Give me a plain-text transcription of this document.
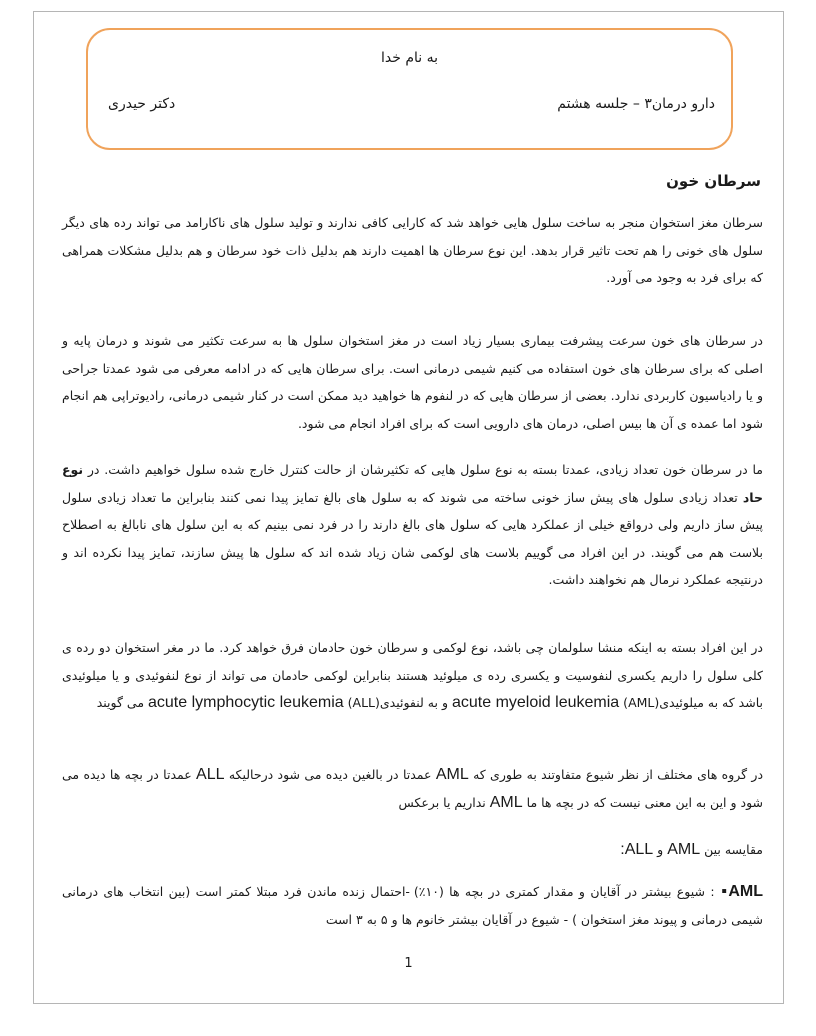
به نام خدا
دارو درمان۳ – جلسه هشتم
دکتر حیدری
سرطان خون
سرطان مغز استخوان منجر به ساخت سلول هایی خواهد شد که کارایی کافی ندارند و تولید سلول های ناکارامد می تواند رده های دیگر سلول های خونی را هم تحت تاثیر قرار بدهد. این نوع سرطان ها اهمیت دارند هم بدلیل ذات خود سرطان و هم بدلیل مشکلات همراهی که برای فرد به وجود می آورد.
در سرطان های خون سرعت پیشرفت بیماری بسیار زیاد است در مغز استخوان سلول ها به سرعت تکثیر می شوند و درمان پایه و اصلی که برای سرطان های خون استفاده می کنیم شیمی درمانی است. برای سرطان هایی که در ادامه معرفی می شود عمدتا جراحی و یا رادیاسیون کاربردی ندارد. بعضی از سرطان هایی که در لنفوم ها خواهید دید ممکن است در کنار شیمی درمانی، رادیوتراپی هم انجام شود اما عمده ی آن ها بیس اصلی، درمان های دارویی است که برای افراد انجام می شود.
ما در سرطان خون تعداد زیادی، عمدتا بسته به نوع سلول هایی که تکثیرشان از حالت کنترل خارج شده سلول خواهیم داشت. در نوع حاد تعداد زیادی سلول های پیش ساز خونی ساخته می شوند که به سلول های بالغ تمایز پیدا نمی کنند بنابراین ما تعداد زیادی سلول پیش ساز داریم ولی درواقع خیلی از عملکرد هایی که سلول های بالغ دارند را در فرد نمی بینیم که به این سلول های نابالغ به اصطلاح بلاست هم می گویند. در این افراد می گوییم بلاست های لوکمی شان زیاد شده اند که سلول ها پیش سازند، تمایز پیدا نکرده اند و درنتیجه عملکرد نرمال هم نخواهند داشت.
در این افراد بسته به اینکه منشا سلولمان چی باشد، نوع لوکمی و سرطان خون حادمان فرق خواهد کرد. ما در مغر استخوان دو رده ی کلی سلول را داریم یکسری لنفوسیت و یکسری رده ی میلوئید هستند بنابراین لوکمی حادمان می تواند از نوع لنفوئیدی و یا میلوئیدی باشد که به میلوئیدی(AML) acute myeloid leukemia و به لنفوئیدی(ALL) acute lymphocytic leukemia می گویند
در گروه های مختلف از نظر شیوع متفاوتند به طوری که AML عمدتا در بالغین دیده می شود درحالیکه ALL عمدتا در بچه ها دیده می شود و این به این معنی نیست که در بچه ها ما AML نداریم یا برعکس
مقایسه بین AML و ALL:
AML▪ : شیوع بیشتر در آقایان و مقدار کمتری در بچه ها (۱۰٪) -احتمال زنده ماندن فرد مبتلا کمتر است (بین انتخاب های درمانی شیمی درمانی و پیوند مغز استخوان ) - شیوع در آقایان بیشتر خانوم ها و ۵ به ۳ است
1
